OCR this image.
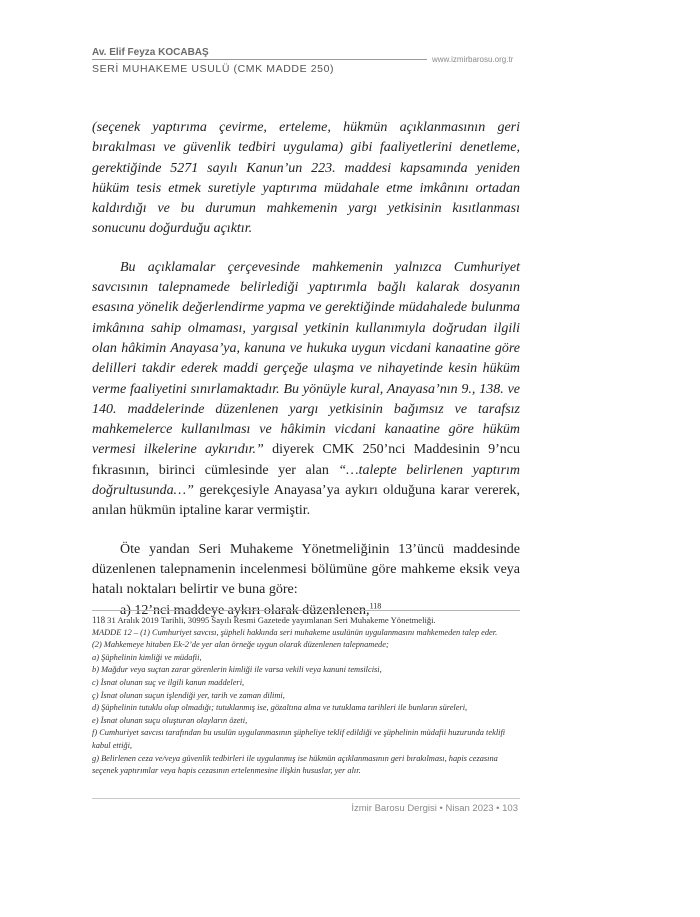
Av. Elif Feyza KOCABAŞ
www.izmirbarosu.org.tr
SERİ MUHAKEME USULÜ (CMK MADDE 250)

(seçenek yaptırıma çevirme, erteleme, hükmün açıklanmasının geri bırakılması ve güvenlik tedbiri uygulama) gibi faaliyetlerini denetleme, gerektiğinde 5271 sayılı Kanun’un 223. maddesi kapsamında yeniden hüküm tesis etmek suretiyle yaptırıma müdahale etme imkânını ortadan kaldırdığı ve bu durumun mahkemenin yargı yetkisinin kısıtlanması sonucunu doğurduğu açıktır.

Bu açıklamalar çerçevesinde mahkemenin yalnızca Cumhuriyet savcısının talepnamede belirlediği yaptırımla bağlı kalarak dosyanın esasına yönelik değerlendirme yapma ve gerektiğinde müdahalede bulunma imkânına sahip olmaması, yargısal yetkinin kullanımıyla doğrudan ilgili olan hâkimin Anayasa’ya, kanuna ve hukuka uygun vicdani kanaatine göre delilleri takdir ederek maddi gerçeğe ulaşma ve nihayetinde kesin hüküm verme faaliyetini sınırlamaktadır. Bu yönüyle kural, Anayasa’nın 9., 138. ve 140. maddelerinde düzenlenen yargı yetkisinin bağımsız ve tarafsız mahkemelerce kullanılması ve hâkimin vicdani kanaatine göre hüküm vermesi ilkelerine aykırıdır.” diyerek CMK 250’nci Maddesinin 9’ncu fıkrasının, birinci cümlesinde yer alan “…talepte belirlenen yaptırım doğrultusunda…” gerekçesiyle Anayasa’ya aykırı olduğuna karar vererek, anılan hükmün iptaline karar vermiştir.

Öte yandan Seri Muhakeme Yönetmeliğinin 13’üncü maddesinde düzenlenen talepnamenin incelenmesi bölümüne göre mahkeme eksik veya hatalı noktaları belirtir ve buna göre:

a) 12’nci maddeye aykırı olarak düzenlenen,$^{118}$

118 31 Aralık 2019 Tarihli, 30995 Sayılı Resmi Gazetede yayımlanan Seri Muhakeme Yönetmeliği.

MADDE 12 – (1) Cumhuriyet savcısı, şüpheli hakkında seri muhakeme usulünün uygulanmasını mahkemeden talep eder.

(2) Mahkemeye hitaben Ek-2’de yer alan örneğe uygun olarak düzenlenen talepnamede;

a) Şüphelinin kimliği ve müdafii,

b) Mağdur veya suçtan zarar görenlerin kimliği ile varsa vekili veya kanuni temsilcisi,

c) İsnat olunan suç ve ilgili kanun maddeleri,

ç) İsnat olunan suçun işlendiği yer, tarih ve zaman dilimi,

d) Şüphelinin tutuklu olup olmadığı; tutuklanmış ise, gözaltına alma ve tutuklama tarihleri ile bunların süreleri,

e) İsnat olunan suçu oluşturan olayların özeti,

f) Cumhuriyet savcısı tarafından bu usulün uygulanmasının şüpheliye teklif edildiği ve şüphelinin müdafii huzurunda teklifi kabul ettiği,

g) Belirlenen ceza ve/veya güvenlik tedbirleri ile uygulanmış ise hükmün açıklanmasının geri bırakılması, hapis cezasına seçenek yaptırımlar veya hapis cezasının ertelenmesine ilişkin hususlar, yer alır.

İzmir Barosu Dergisi • Nisan 2023 • 103
